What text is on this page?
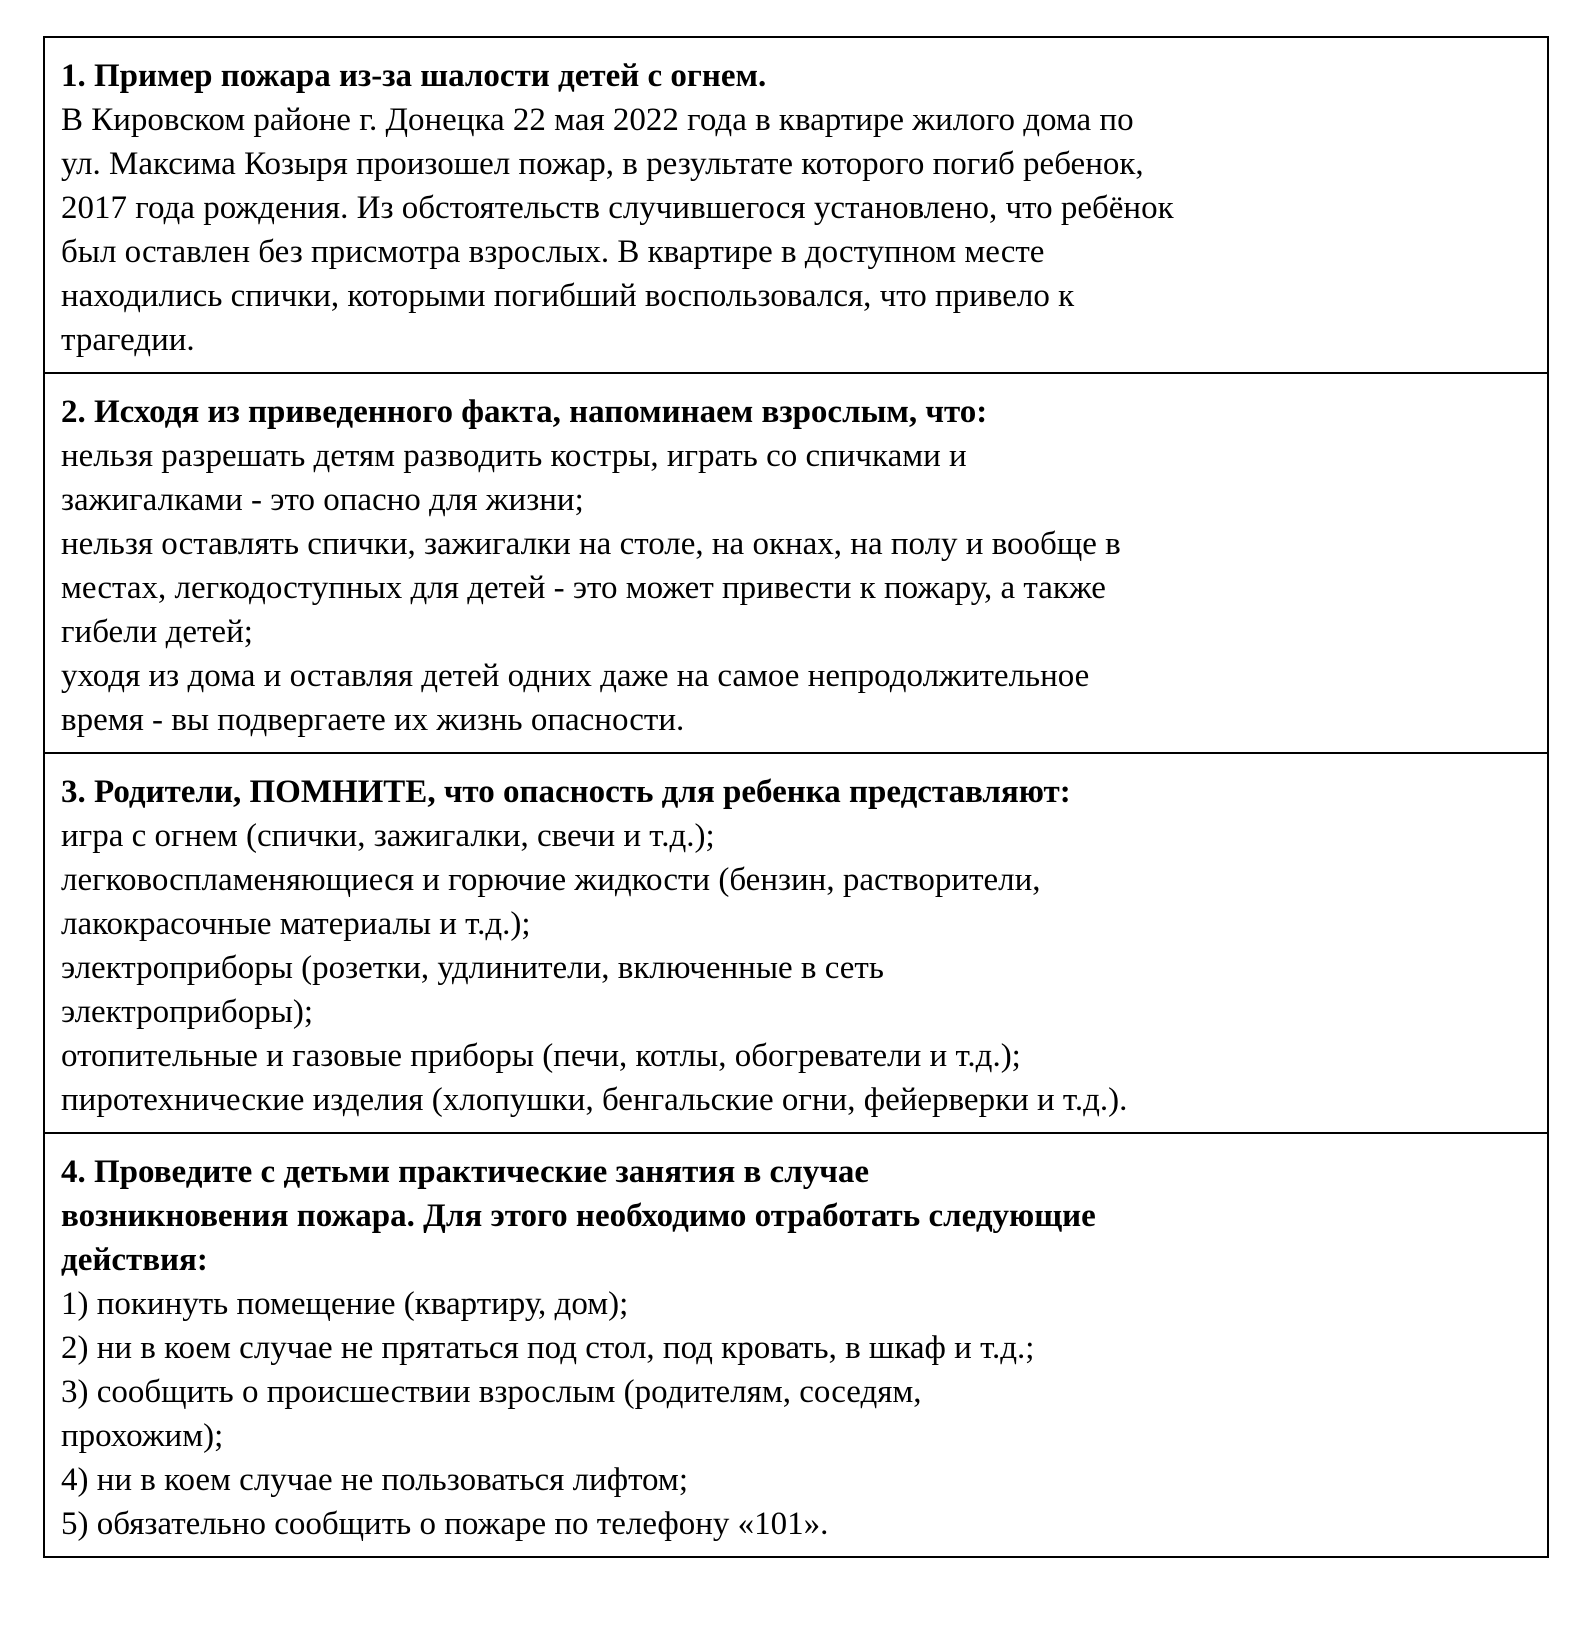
1. Пример пожара из-за шалости детей с огнем.
В Кировском районе г. Донецка 22 мая 2022 года в квартире жилого дома по
ул. Максима Козыря произошел пожар, в результате которого погиб ребенок,
2017 года рождения. Из обстоятельств случившегося установлено, что ребёнок
был оставлен без присмотра взрослых. В квартире в доступном месте
находились спички, которыми погибший воспользовался, что привело к
трагедии.

2. Исходя из приведенного факта, напоминаем взрослым, что:
нельзя разрешать детям разводить костры, играть со спичками и
зажигалками - это опасно для жизни;
нельзя оставлять спички, зажигалки на столе, на окнах, на полу и вообще в
местах, легкодоступных для детей - это может привести к пожару, а также
гибели детей;
уходя из дома и оставляя детей одних даже на самое непродолжительное
время - вы подвергаете их жизнь опасности.

3. Родители, ПОМНИТЕ, что опасность для ребенка представляют:
игра с огнем (спички, зажигалки, свечи и т.д.);
легковоспламеняющиеся и горючие жидкости (бензин, растворители,
лакокрасочные материалы и т.д.);
электроприборы (розетки, удлинители, включенные в сеть
электроприборы);
отопительные и газовые приборы (печи, котлы, обогреватели и т.д.);
пиротехнические изделия (хлопушки, бенгальские огни, фейерверки и т.д.).

4. Проведите с детьми практические занятия в случае
возникновения пожара. Для этого необходимо отработать следующие
действия:
1) покинуть помещение (квартиру, дом);
2) ни в коем случае не прятаться под стол, под кровать, в шкаф и т.д.;
3) сообщить о происшествии взрослым (родителям, соседям,
прохожим);
4) ни в коем случае не пользоваться лифтом;
5) обязательно сообщить о пожаре по телефону «101».
